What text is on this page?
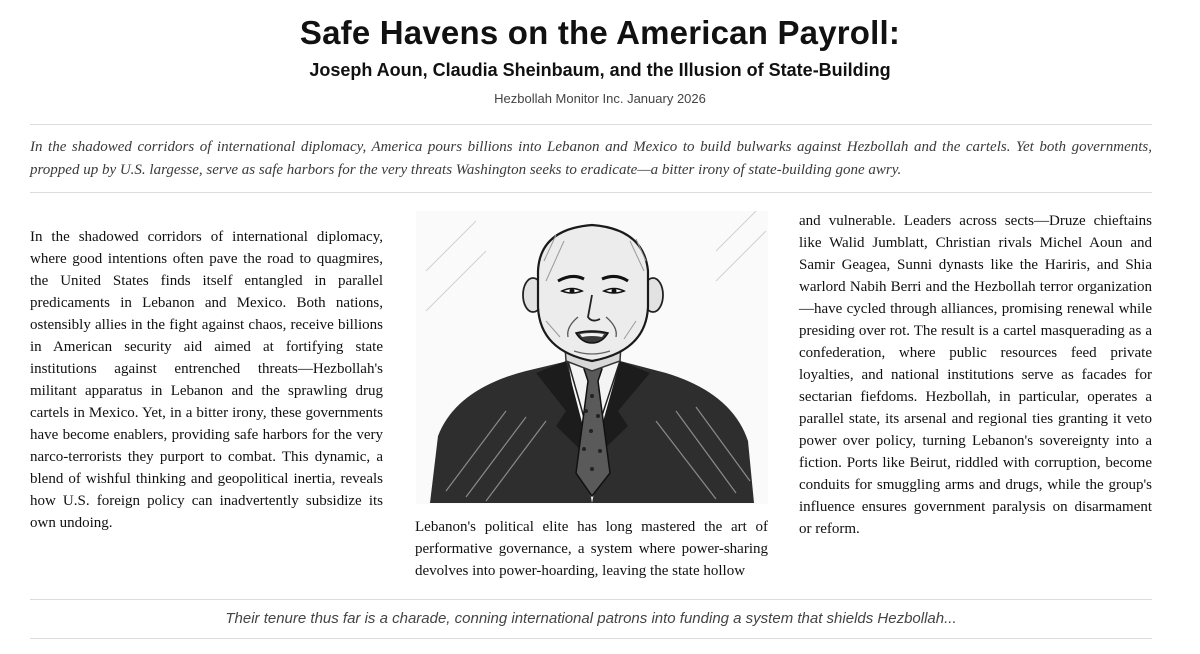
Safe Havens on the American Payroll:
Joseph Aoun, Claudia Sheinbaum, and the Illusion of State-Building
Hezbollah Monitor Inc. January 2026
In the shadowed corridors of international diplomacy, America pours billions into Lebanon and Mexico to build bulwarks against Hezbollah and the cartels. Yet both governments, propped up by U.S. largesse, serve as safe harbors for the very threats Washington seeks to eradicate—a bitter irony of state-building gone awry.

In the shadowed corridors of international diplomacy, where good intentions often pave the road to quagmires, the United States finds itself entangled in parallel predicaments in Lebanon and Mexico. Both nations, ostensibly allies in the fight against chaos, receive billions in American security aid aimed at fortifying state institutions against entrenched threats—Hezbollah's militant apparatus in Lebanon and the sprawling drug cartels in Mexico. Yet, in a bitter irony, these governments have become enablers, providing safe harbors for the very narco-terrorists they purport to combat. This dynamic, a blend of wishful thinking and geopolitical inertia, reveals how U.S. foreign policy can inadvertently subsidize its own undoing.	Lebanon's political elite has long mastered the art of performative governance, a system where power-sharing devolves into power-hoarding, leaving the state hollow

and vulnerable. Leaders across sects—Druze chieftains like Walid Jumblatt, Christian rivals Michel Aoun and Samir Geagea, Sunni dynasts like the Hariris, and Shia warlord Nabih Berri and the Hezbollah terror organization—have cycled through alliances, promising renewal while presiding over rot. The result is a cartel masquerading as a confederation, where public resources feed private loyalties, and national institutions serve as facades for sectarian fiefdoms. Hezbollah, in particular, operates a parallel state, its arsenal and regional ties granting it veto power over policy, turning Lebanon's sovereignty into a fiction. Ports like Beirut, riddled with corruption, become conduits for smuggling arms and drugs, while the group's influence ensures government paralysis on disarmament or reform.

Their tenure thus far is a charade, conning international patrons into funding a system that shields Hezbollah...
